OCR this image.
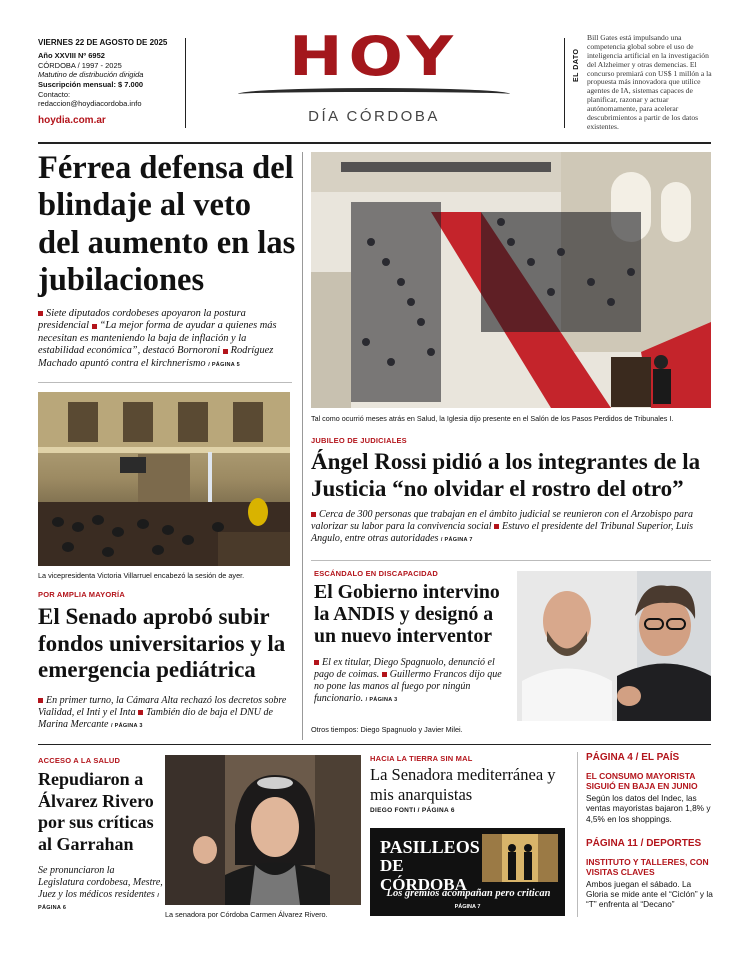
VIERNES 22 DE AGOSTO DE 2025
Año XXVIII Nº 6952
CÓRDOBA / 1997 - 2025
Matutino de distribución dirigida
Suscripción mensual: $ 7.000
Contacto:
redaccion@hoydiacordoba.info
hoydia.com.ar
HOY
DÍA CÓRDOBA
EL DATO
Bill Gates está impulsando una competencia global sobre el uso de inteligencia artificial en la investigación del Alzheimer y otras demencias. El concurso premiará con US$ 1 millón a la propuesta más innovadora que utilice agentes de IA, sistemas capaces de planificar, razonar y actuar autónomamente, para acelerar descubrimientos a partir de los datos existentes.
Férrea defensa del blindaje al veto del aumento en las jubilaciones
Siete diputados cordobeses apoyaron la postura presidencial “La mejor forma de ayudar a quienes más necesitan es manteniendo la baja de inflación y la estabilidad económica”, destacó Bornoroni Rodríguez Machado apuntó contra el kirchnerismo / PÁGINA 5
La vicepresidenta Victoria Villarruel encabezó la sesión de ayer.
POR AMPLIA MAYORÍA
El Senado aprobó subir fondos universitarios y la emergencia pediátrica
En primer turno, la Cámara Alta rechazó los decretos sobre Vialidad, el Inti y el Inta También dio de baja el DNU de Marina Mercante / PÁGINA 3
Tal como ocurrió meses atrás en Salud, la Iglesia dijo presente en el Salón de los Pasos Perdidos de Tribunales I.
JUBILEO DE JUDICIALES
Ángel Rossi pidió a los integrantes de la Justicia “no olvidar el rostro del otro”
Cerca de 300 personas que trabajan en el ámbito judicial se reunieron con el Arzobispo para valorizar su labor para la convivencia social Estuvo el presidente del Tribunal Superior, Luis Angulo, entre otras autoridades / PÁGINA 7
ESCÁNDALO EN DISCAPACIDAD
El Gobierno intervino la ANDIS y designó a un nuevo interventor
El ex titular, Diego Spagnuolo, denunció el pago de coimas. Guillermo Francos dijo que no pone las manos al fuego por ningún funcionario. / PÁGINA 3
Otros tiempos: Diego Spagnuolo y Javier Milei.
ACCESO A LA SALUD
Repudiaron a Álvarez Rivero por sus críticas al Garrahan
Se pronunciaron la Legislatura cordobesa, Mestre, Juez y los médicos residentes / PÁGINA 6
La senadora por Córdoba Carmen Álvarez Rivero.
HACIA LA TIERRA SIN MAL
La Senadora mediterránea y mis anarquistas
DIEGO FONTI / PÁGINA 6
PASILLEOS
DE CÓRDOBA
Los gremios acompañan pero critican
PÁGINA 7
PÁGINA 4 / EL PAÍS
EL CONSUMO MAYORISTA SIGUIÓ EN BAJA EN JUNIO
Según los datos del Indec, las ventas mayoristas bajaron 1,8% y 4,5% en los shoppings.
PÁGINA 11 / DEPORTES
INSTITUTO Y TALLERES, CON VISITAS CLAVES
Ambos juegan el sábado. La Gloria se mide ante el “Ciclón” y la “T” enfrenta al “Decano”
